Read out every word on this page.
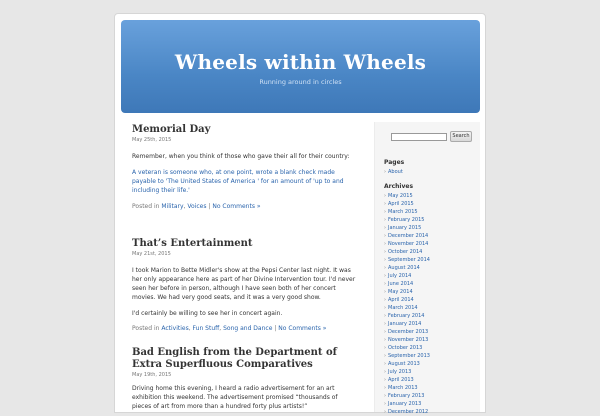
Wheels within Wheels
Running around in circles
Memorial Day
May 25th, 2015

Remember, when you think of those who gave their all for their country:

A veteran is someone who, at one point, wrote a blank check made payable to 'The United States of America ' for an amount of 'up to and including their life.'

Posted in Military, Voices | No Comments »
That’s Entertainment
May 21st, 2015

I took Marion to Bette Midler's show at the Pepsi Center last night. It was her only appearance here as part of her Divine Intervention tour. I'd never seen her before in person, although I have seen both of her concert movies. We had very good seats, and it was a very good show.

I'd certainly be willing to see her in concert again.

Posted in Activities, Fun Stuff, Song and Dance | No Comments »
Bad English from the Department of Extra Superfluous Comparatives
May 19th, 2015

Driving home this evening, I heard a radio advertisement for an art exhibition this weekend. The advertisement promised “thousands of pieces of art from more than a hundred forty plus artists!”

Search
Pages
› About
Archives
› May 2015
› April 2015
› March 2015
› February 2015
› January 2015
› December 2014
› November 2014
› October 2014
› September 2014
› August 2014
› July 2014
› June 2014
› May 2014
› April 2014
› March 2014
› February 2014
› January 2014
› December 2013
› November 2013
› October 2013
› September 2013
› August 2013
› July 2013
› April 2013
› March 2013
› February 2013
› January 2013
› December 2012
